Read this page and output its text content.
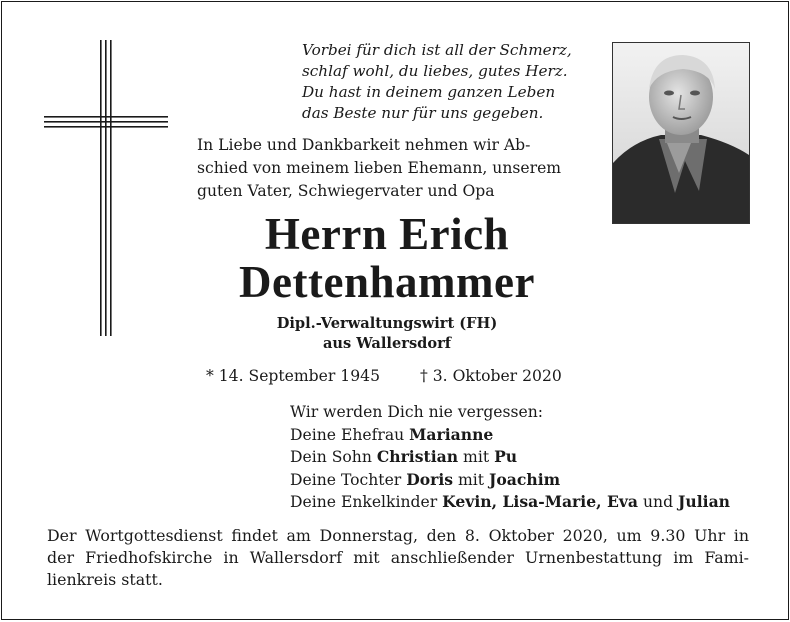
Vorbei für dich ist all der Schmerz,
schlaf wohl, du liebes, gutes Herz.
Du hast in deinem ganzen Leben
das Beste nur für uns gegeben.
In Liebe und Dankbarkeit nehmen wir Ab-
schied von meinem lieben Ehemann, unserem
guten Vater, Schwiegervater und Opa
Herrn Erich
Dettenhammer
Dipl.-Verwaltungswirt (FH)
aus Wallersdorf
* 14. September 1945	† 3. Oktober 2020
Wir werden Dich nie vergessen:
Deine Ehefrau Marianne
Dein Sohn Christian mit Pu
Deine Tochter Doris mit Joachim
Deine Enkelkinder Kevin, Lisa-Marie, Eva und Julian
Der Wortgottesdienst findet am Donnerstag, den 8. Oktober 2020, um 9.30 Uhr in
der Friedhofskirche in Wallersdorf mit anschließender Urnenbestattung im Fami-
lienkreis statt.
